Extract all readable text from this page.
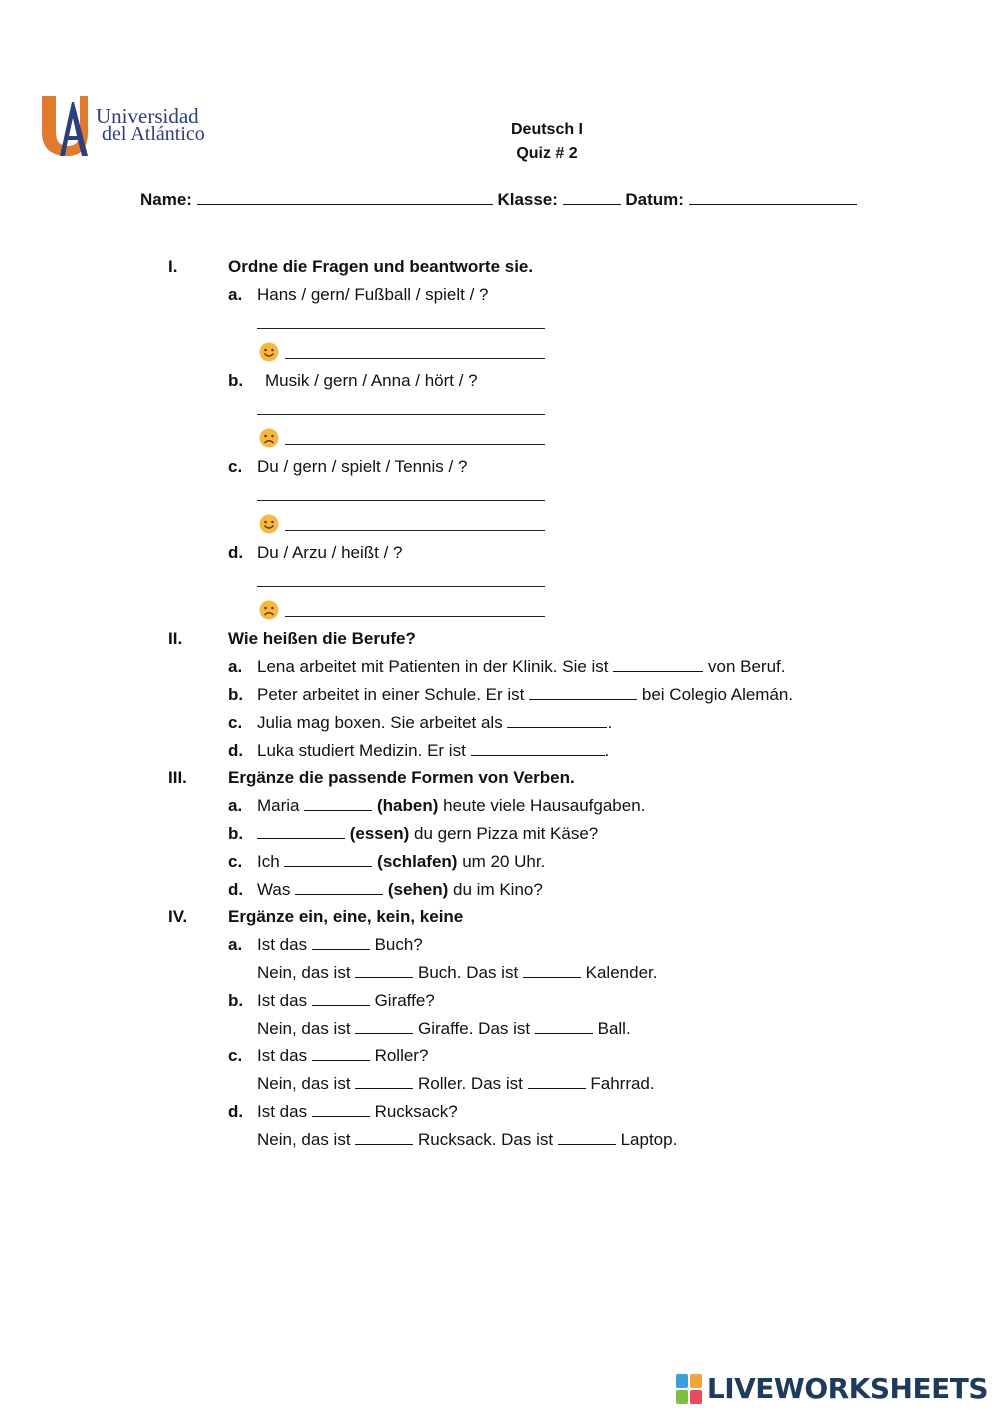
Universidad
del Atlántico	Deutsch I
Quiz # 2
Name:	Klasse:	Datum:
I.	Ordne die Fragen und beantworte sie.
a. Hans / gern/ Fußball / spielt / ?
b. Musik / gern / Anna / hört / ?
c. Du / gern / spielt / Tennis / ?
d. Du / Arzu / heißt / ?
II.	Wie heißen die Berufe?
a. Lena arbeitet mit Patienten in der Klinik. Sie ist	von Beruf.
b. Peter arbeitet in einer Schule. Er ist	bei Colegio Alemán.
c. Julia mag boxen. Sie arbeitet als	.
d. Luka studiert Medizin. Er ist	.
III. Ergänze die passende Formen von Verben.
a. Maria	(haben) heute viele Hausaufgaben.
b.	(essen) du gern Pizza mit Käse?
c. Ich	(schlafen) um 20 Uhr.
d. Was	(sehen) du im Kino?
IV. Ergänze ein, eine, kein, keine
a. Ist das	Buch?
Nein, das ist	Buch. Das ist	Kalender.
b. Ist das	Giraffe?
Nein, das ist	Giraffe. Das ist	Ball.
c. Ist das	Roller?
Nein, das ist	Roller. Das ist	Fahrrad.
d. Ist das	Rucksack?
Nein, das ist	Rucksack. Das ist	Laptop.
LIVEWORKSHEETS
